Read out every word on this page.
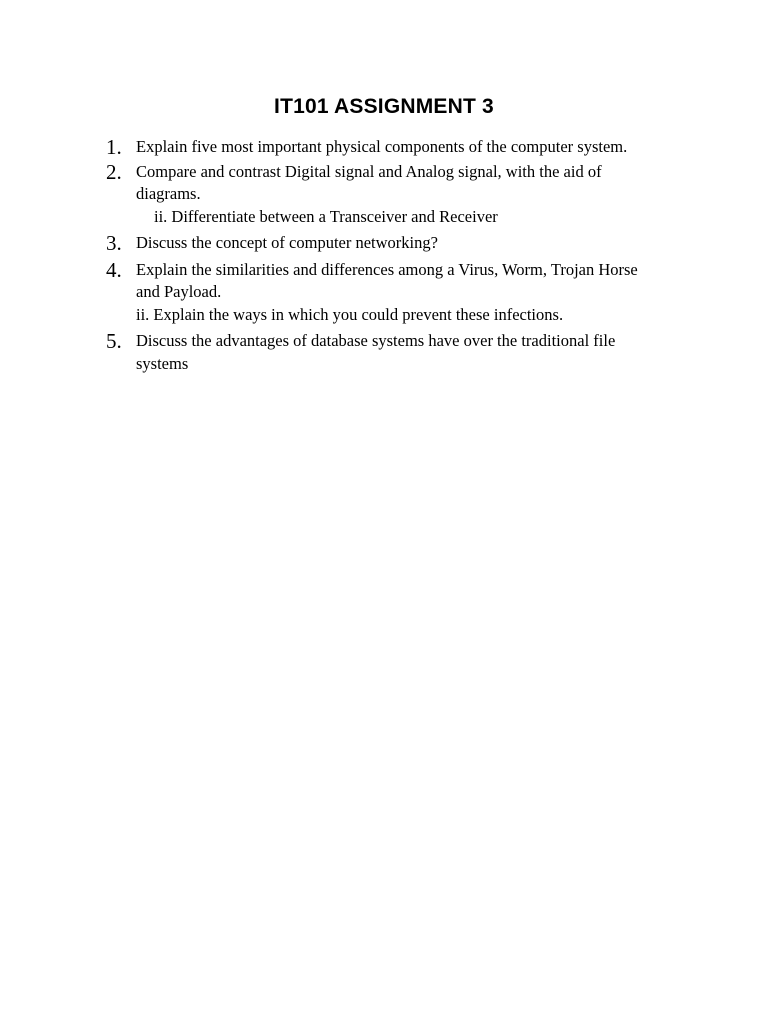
IT101 ASSIGNMENT 3
1. Explain five most important physical components of the computer system.
2. Compare and contrast Digital signal and Analog signal, with the aid of
diagrams.
ii. Differentiate between a Transceiver and Receiver
3. Discuss the concept of computer networking?
4. Explain the similarities and differences among a Virus, Worm, Trojan Horse
and Payload.
ii. Explain the ways in which you could prevent these infections.
5. Discuss the advantages of database systems have over the traditional file
systems
